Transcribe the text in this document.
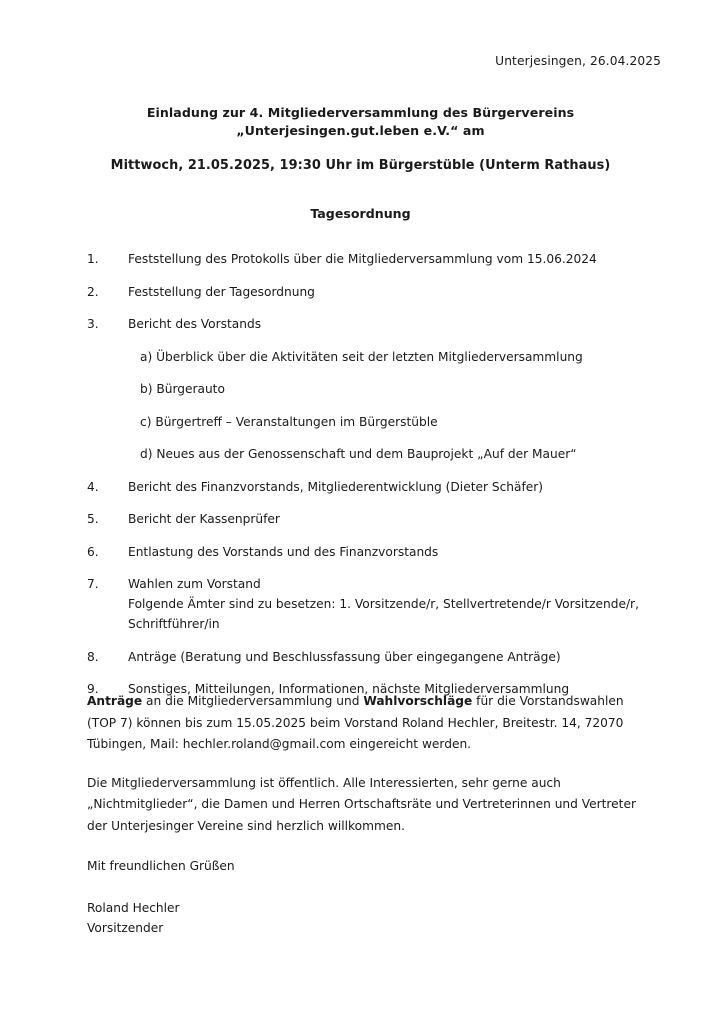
Unterjesingen, 26.04.2025
Einladung zur 4. Mitgliederversammlung des Bürgervereins
„Unterjesingen.gut.leben e.V.“ am
Mittwoch, 21.05.2025, 19:30 Uhr im Bürgerstüble (Unterm Rathaus)
Tagesordnung
1.	Feststellung des Protokolls über die Mitgliederversammlung vom 15.06.2024
2.	Feststellung der Tagesordnung
3.	Bericht des Vorstands
a) Überblick über die Aktivitäten seit der letzten Mitgliederversammlung
b) Bürgerauto
c) Bürgertreff – Veranstaltungen im Bürgerstüble
d) Neues aus der Genossenschaft und dem Bauprojekt „Auf der Mauer“
4.	Bericht des Finanzvorstands, Mitgliederentwicklung (Dieter Schäfer)
5.	Bericht der Kassenprüfer
6.	Entlastung des Vorstands und des Finanzvorstands
7.	Wahlen zum Vorstand
Folgende Ämter sind zu besetzen: 1. Vorsitzende/r, Stellvertretende/r Vorsitzende/r, Schriftführer/in
8.	Anträge (Beratung und Beschlussfassung über eingegangene Anträge)
9.	Sonstiges, Mitteilungen, Informationen, nächste Mitgliederversammlung

Anträge an die Mitgliederversammlung und Wahlvorschläge für die Vorstandswahlen (TOP 7) können bis zum 15.05.2025 beim Vorstand Roland Hechler, Breitestr. 14, 72070 Tübingen, Mail: hechler.roland@gmail.com eingereicht werden.

Die Mitgliederversammlung ist öffentlich. Alle Interessierten, sehr gerne auch „Nichtmitglieder“, die Damen und Herren Ortschaftsräte und Vertreterinnen und Vertreter der Unterjesinger Vereine sind herzlich willkommen.

Mit freundlichen Grüßen
Roland Hechler
Vorsitzender
